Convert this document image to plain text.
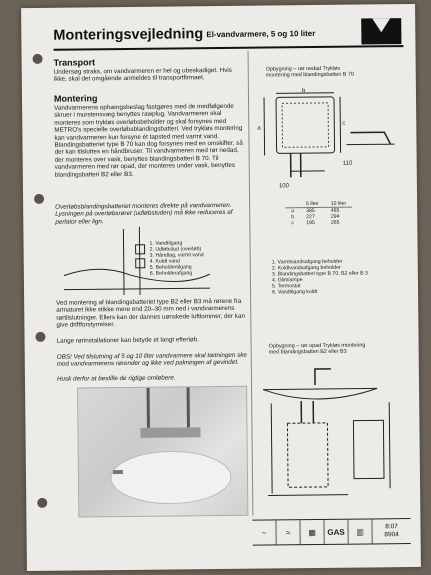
Monteringsvejledning El-vandvarmere, 5 og 10 liter
Transport

Undersøg straks, om vandvarmeren er hel og ubeskadiget. Hvis ikke, skal det omgående anmeldes til transportfirmaet.

Montering

Vandvarmerens ophængsbeslag fastgøres med de medfølgende skruer i murstensvæg benyttes rawplug. Vandvarmeren skal monteres som trykløs overløbsbeholder og skal forsynes med METRO's specielle overløbsblandingsbatteri. Ved trykløs montering kan vandvarmeren kun forsyne ét tapsted med varmt vand. Blandingsbatteriet type B 70 kan dog forsynes med en omskifter, så der kan tilsluttes en håndbruser. Til vandvarmeren med rør nedad, der monteres over vask, benyttes blandingsbatteri B 70. Til vandvarmeren med rør opad, der monteres under vask, benyttes blandingsbatteri B2 eller B3.

Overløbsblandingsbatteriet monteres direkte på vandvarmeren. Lysningen på overløbsrøret (udløbstuden) må ikke reduceres af perlator eller lign.

1. Vandtilgang
2. Udløbstud (overløb)
3. Håndtag, varmt vand
4. Koldt vand
5. Beholdertilgang
6. Beholderafgang

Ved montering af blandingsbatteriet type B2 eller B3 må rørene fra armaturet ikke stikke mere end 20–30 mm ned i vandvarmerens rørtilslutninger. Ellers kan der dannes uønskede luftlommer, der kan give driftforstyrrelser.

Lange rørinstallationer kan betyde et langt efterløb.

OBS! Ved tilslutning af 5 og 10 liter vandvarmere skal tætningen ske mod vandvarmerens rørender og ikke ved pakningen af gevindet.

Husk derfor at bestille de rigtige omløbere.

Opbygning – rør nedad Trykløs montering med blandingsbatteri B 70
100
110
b
a
c
	5 liter	10 liter
a	385	465
b	227	294
c	195	265
1. Varmtvandsafgang beholder
2. Koldtvandsafgang beholder
3. Blandingsbatteri type B 70, B2 eller B 3
4. Glimlampe
5. Termostat
6. Vandtilgang koldt
Opbygning – rør opad Trykløs montering med blandingsbatteri B2 eller B3
~	≈	▦	GAS	▥
8:07
8904
